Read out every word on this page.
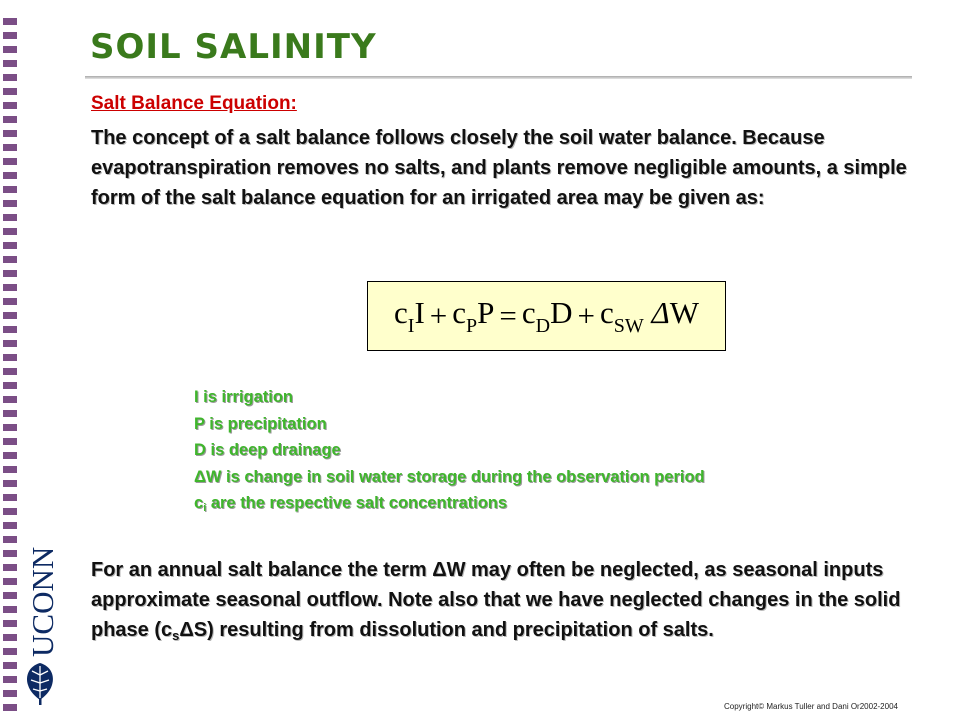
SOIL SALINITY
Salt Balance Equation:

The concept of a salt balance follows closely the soil water balance. Because evapotranspiration removes no salts, and plants remove negligible amounts, a simple form of the salt balance equation for an irrigated area may be given as:

$c_II + c_PP = c_DD + c_{SW}$ ΔW
I is irrigation
P is precipitation
D is deep drainage
ΔW is change in soil water storage during the observation period
$c_i$ are the respective salt concentrations

For an annual salt balance the term ΔW may often be neglected, as seasonal inputs approximate seasonal outflow. Note also that we have neglected changes in the solid phase $(c_s\Delta S)$ resulting from dissolution and precipitation of salts.

UCONN
Copyright© Markus Tuller and Dani Or2002-2004
